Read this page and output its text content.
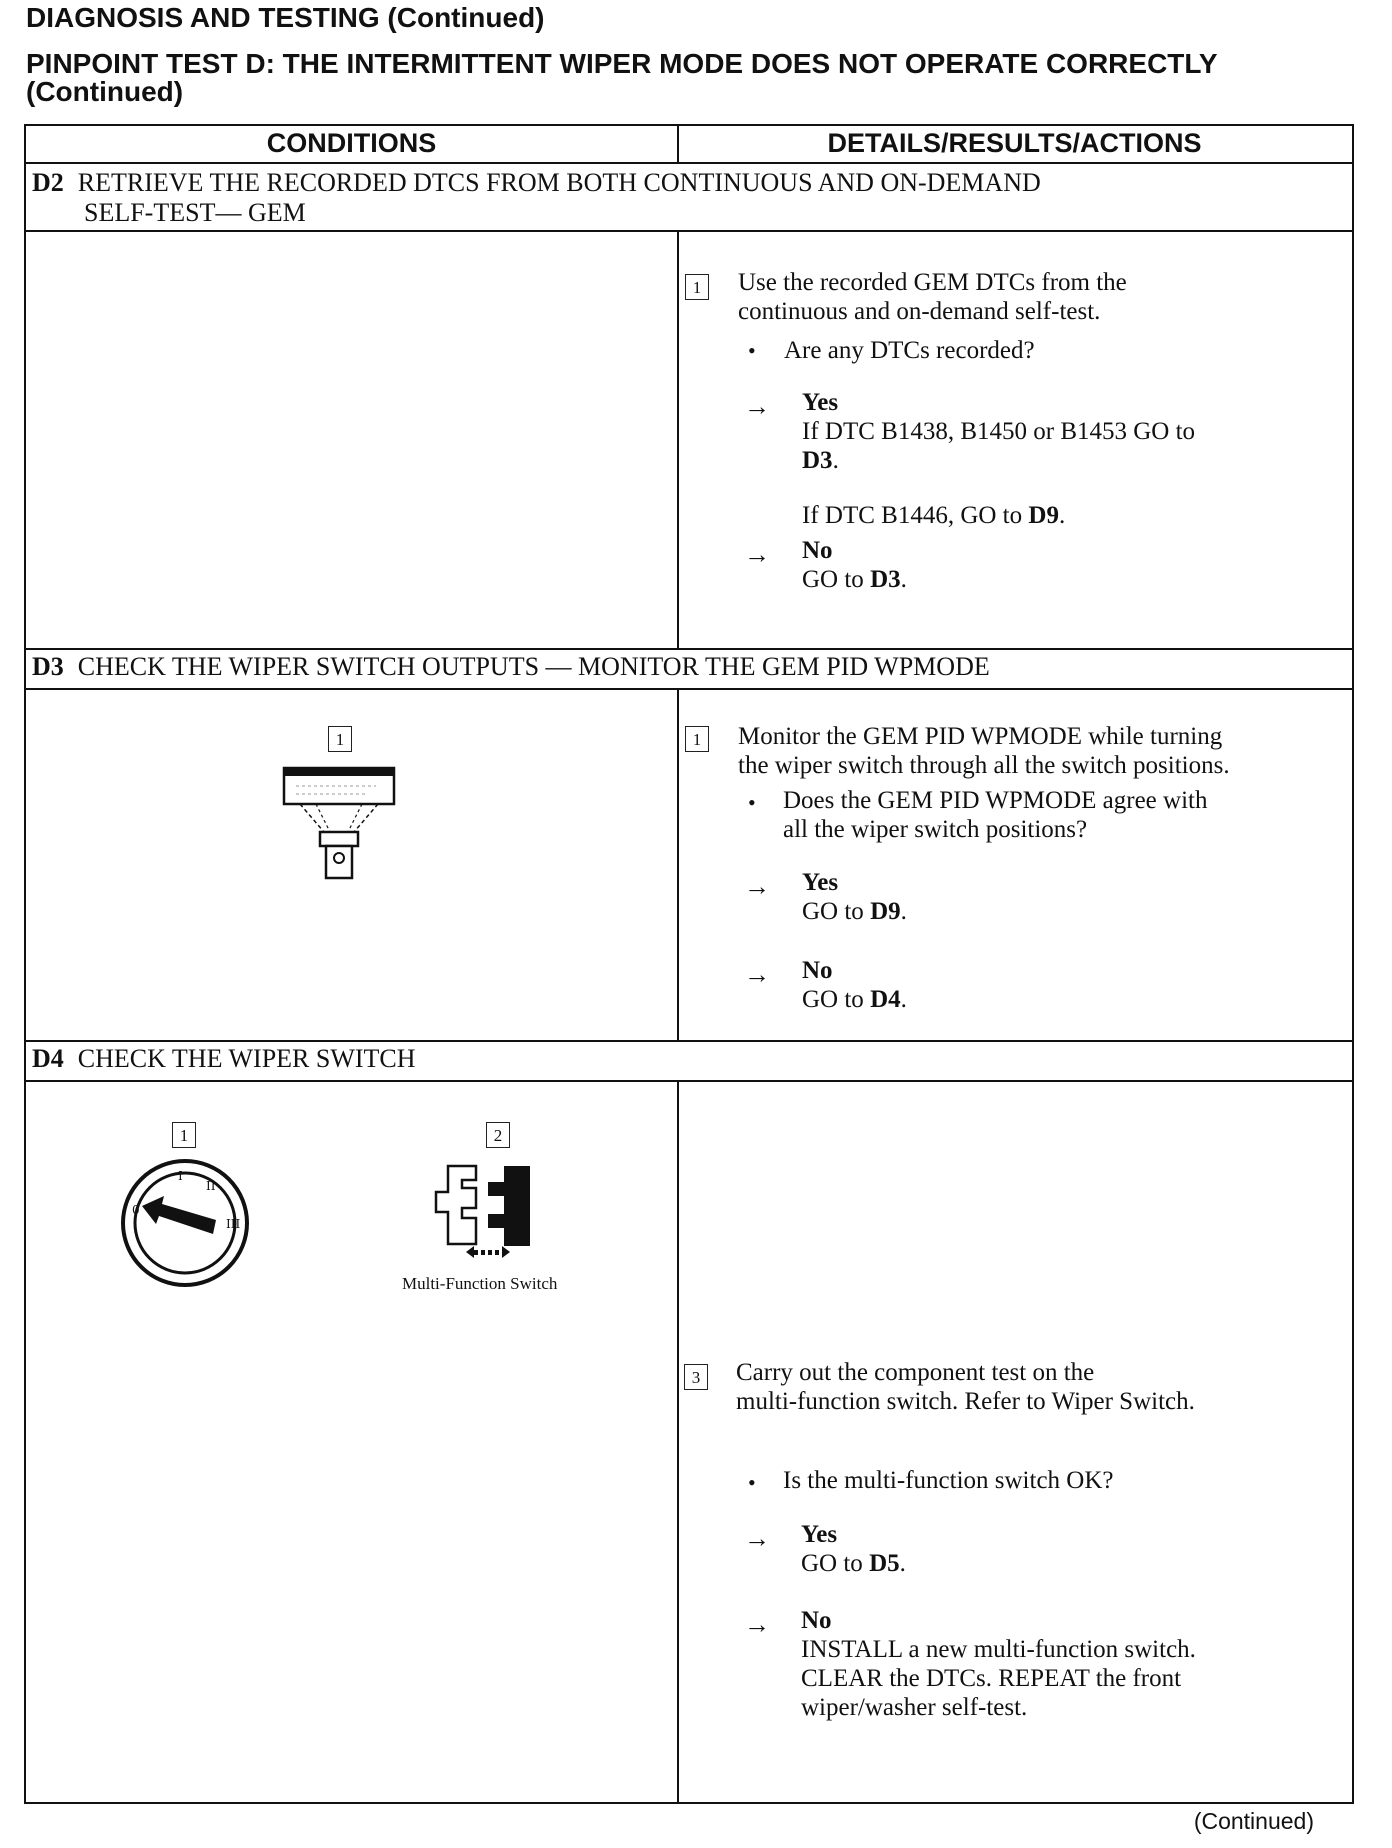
DIAGNOSIS AND TESTING (Continued)
PINPOINT TEST D: THE INTERMITTENT WIPER MODE DOES NOT OPERATE CORRECTLY
(Continued)
CONDITIONS	DETAILS/RESULTS/ACTIONS
D2 RETRIEVE THE RECORDED DTCS FROM BOTH CONTINUOUS AND ON-DEMAND
SELF-TEST— GEM
1	Use the recorded GEM DTCs from the
continuous and on-demand self-test.
• Are any DTCs recorded?
→ Yes
If DTC B1438, B1450 or B1453 GO to
D3.
If DTC B1446, GO to D9.
→ No
GO to D3.
D3 CHECK THE WIPER SWITCH OUTPUTS — MONITOR THE GEM PID WPMODE
1	1	Monitor the GEM PID WPMODE while turning
the wiper switch through all the switch positions.
• Does the GEM PID WPMODE agree with
all the wiper switch positions?
→ Yes
GO to D9.
→ No
GO to D4.
D4 CHECK THE WIPER SWITCH
1
0
I
II
III
2
Multi-Function Switch
3	Carry out the component test on the
multi-function switch. Refer to Wiper Switch.
• Is the multi-function switch OK?
→ Yes
GO to D5.
→ No
INSTALL a new multi-function switch.
CLEAR the DTCs. REPEAT the front
wiper/washer self-test.
(Continued)
